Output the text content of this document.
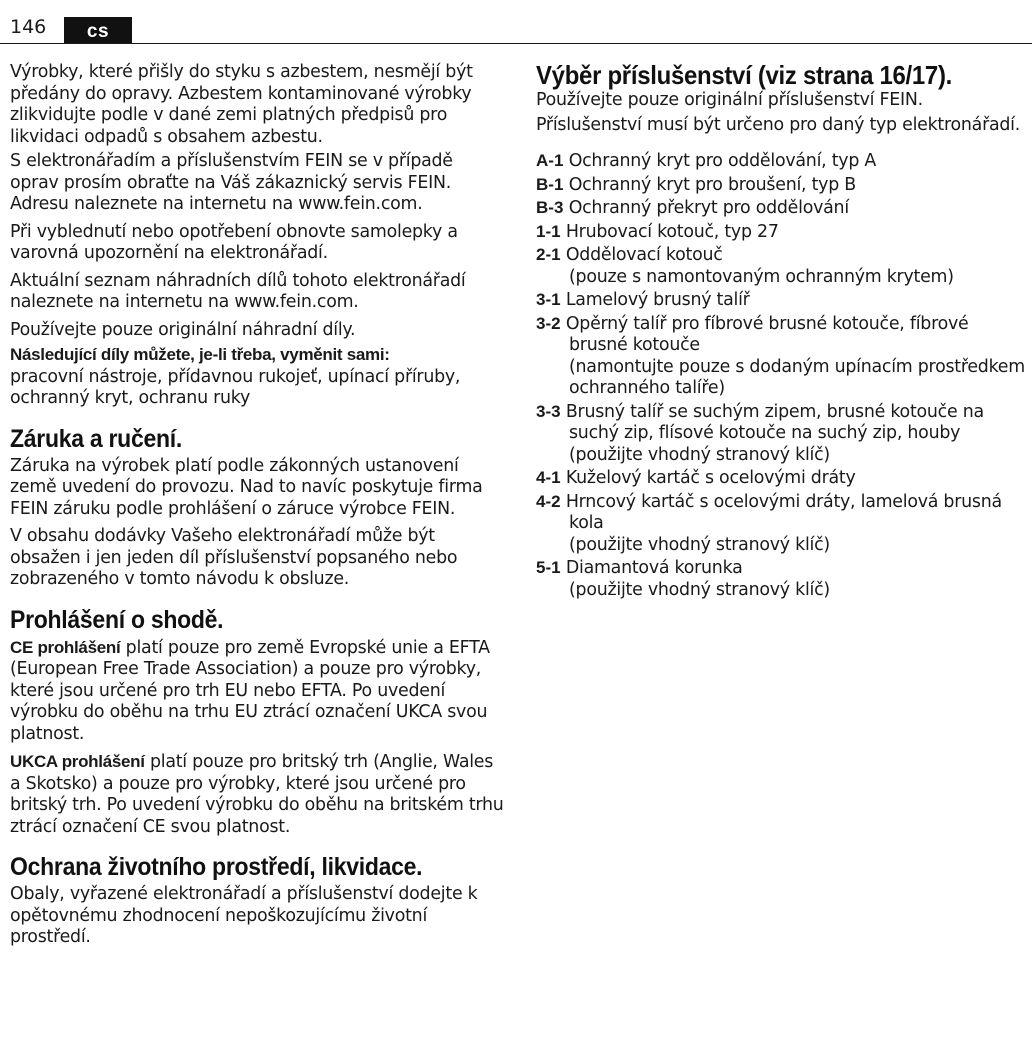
146	cs

Výrobky, které přišly do styku s azbestem, nesmějí být předány do opravy. Azbestem kontaminované výrobky zlikvidujte podle v dané zemi platných předpisů pro likvidaci odpadů s obsahem azbestu.

S elektronářadím a příslušenstvím FEIN se v případě oprav prosím obraťte na Váš zákaznický servis FEIN. Adresu naleznete na internetu na www.fein.com.

Při vyblednutí nebo opotřebení obnovte samolepky a varovná upozornění na elektronářadí.

Aktuální seznam náhradních dílů tohoto elektronářadí naleznete na internetu na www.fein.com.

Používejte pouze originální náhradní díly.

Následující díly můžete, je-li třeba, vyměnit sami:

pracovní nástroje, přídavnou rukojeť, upínací příruby, ochranný kryt, ochranu ruky

Záruka a ručení.

Záruka na výrobek platí podle zákonných ustanovení země uvedení do provozu. Nad to navíc poskytuje firma FEIN záruku podle prohlášení o záruce výrobce FEIN.

V obsahu dodávky Vašeho elektronářadí může být obsažen i jen jeden díl příslušenství popsaného nebo zobrazeného v tomto návodu k obsluze.

Prohlášení o shodě.

CE prohlášení platí pouze pro země Evropské unie a EFTA (European Free Trade Association) a pouze pro výrobky, které jsou určené pro trh EU nebo EFTA. Po uvedení výrobku do oběhu na trhu EU ztrácí označení UKCA svou platnost.

UKCA prohlášení platí pouze pro britský trh (Anglie, Wales a Skotsko) a pouze pro výrobky, které jsou určené pro britský trh. Po uvedení výrobku do oběhu na britském trhu ztrácí označení CE svou platnost.

Ochrana životního prostředí, likvidace.

Obaly, vyřazené elektronářadí a příslušenství dodejte k opětovnému zhodnocení nepoškozujícímu životní prostředí.

Výběr příslušenství (viz strana 16/17).

Používejte pouze originální příslušenství FEIN.

Příslušenství musí být určeno pro daný typ elektronářadí.

A-1 Ochranný kryt pro oddělování, typ A
B-1 Ochranný kryt pro broušení, typ B
B-3 Ochranný překryt pro oddělování
1-1 Hrubovací kotouč, typ 27
2-1 Oddělovací kotouč
(pouze s namontovaným ochranným krytem)
3-1 Lamelový brusný talíř
3-2 Opěrný talíř pro fíbrové brusné kotouče, fíbrové brusné kotouče
(namontujte pouze s dodaným upínacím prostředkem ochranného talíře)
3-3 Brusný talíř se suchým zipem, brusné kotouče na suchý zip, flísové kotouče na suchý zip, houby
(použijte vhodný stranový klíč)
4-1 Kuželový kartáč s ocelovými dráty
4-2 Hrncový kartáč s ocelovými dráty, lamelová brusná kola
(použijte vhodný stranový klíč)
5-1 Diamantová korunka
(použijte vhodný stranový klíč)
